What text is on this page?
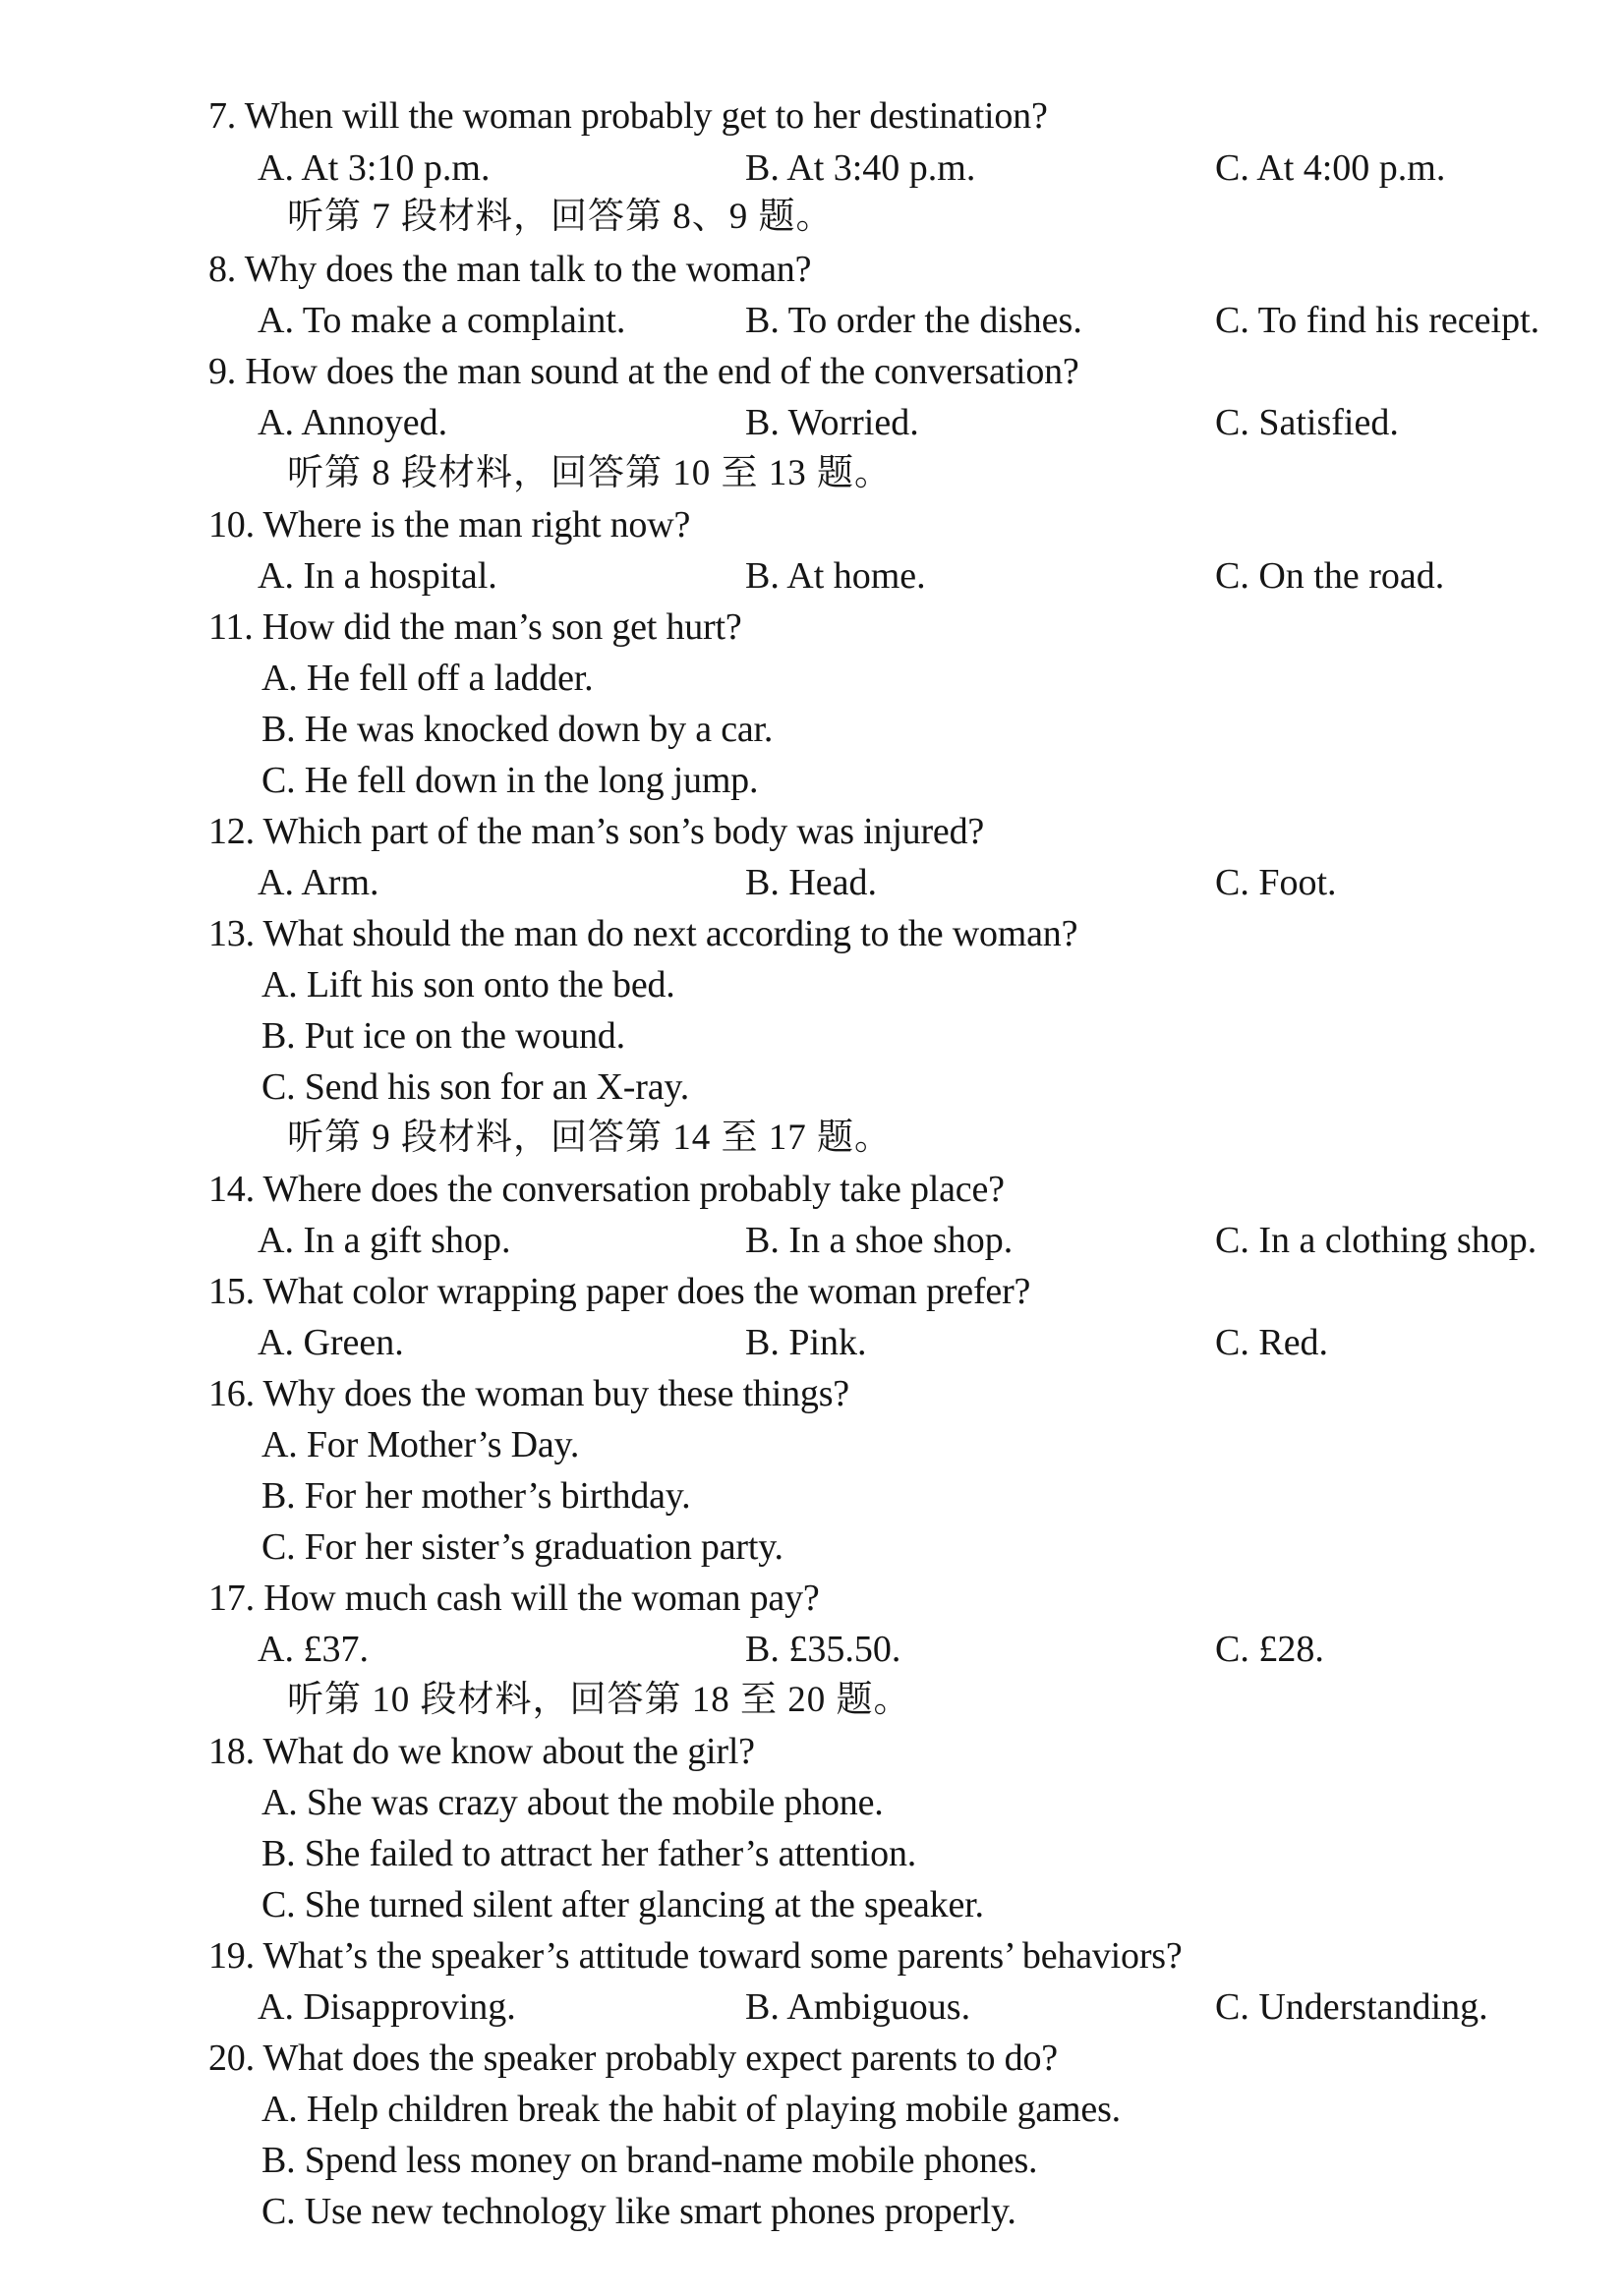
7. When will the woman probably get to her destination?
A. At 3:10 p.m.	B. At 3:40 p.m.	C. At 4:00 p.m.
听第 7 段材料，回答第 8、9 题。
8. Why does the man talk to the woman?
A. To make a complaint.	B. To order the dishes.	C. To find his receipt.
9. How does the man sound at the end of the conversation?
A. Annoyed.	B. Worried.	C. Satisfied.
听第 8 段材料，回答第 10 至 13 题。
10. Where is the man right now?
A. In a hospital.	B. At home.	C. On the road.
11. How did the man’s son get hurt?
A. He fell off a ladder.
B. He was knocked down by a car.
C. He fell down in the long jump.
12. Which part of the man’s son’s body was injured?
A. Arm.	B. Head.	C. Foot.
13. What should the man do next according to the woman?
A. Lift his son onto the bed.
B. Put ice on the wound.
C. Send his son for an X-ray.
听第 9 段材料，回答第 14 至 17 题。
14. Where does the conversation probably take place?
A. In a gift shop.	B. In a shoe shop.	C. In a clothing shop.
15. What color wrapping paper does the woman prefer?
A. Green.	B. Pink.	C. Red.
16. Why does the woman buy these things?
A. For Mother’s Day.
B. For her mother’s birthday.
C. For her sister’s graduation party.
17. How much cash will the woman pay?
A. £37.	B. £35.50.	C. £28.
听第 10 段材料，回答第 18 至 20 题。
18. What do we know about the girl?
A. She was crazy about the mobile phone.
B. She failed to attract her father’s attention.
C. She turned silent after glancing at the speaker.
19. What’s the speaker’s attitude toward some parents’ behaviors?
A. Disapproving.	B. Ambiguous.	C. Understanding.
20. What does the speaker probably expect parents to do?
A. Help children break the habit of playing mobile games.
B. Spend less money on brand-name mobile phones.
C. Use new technology like smart phones properly.
